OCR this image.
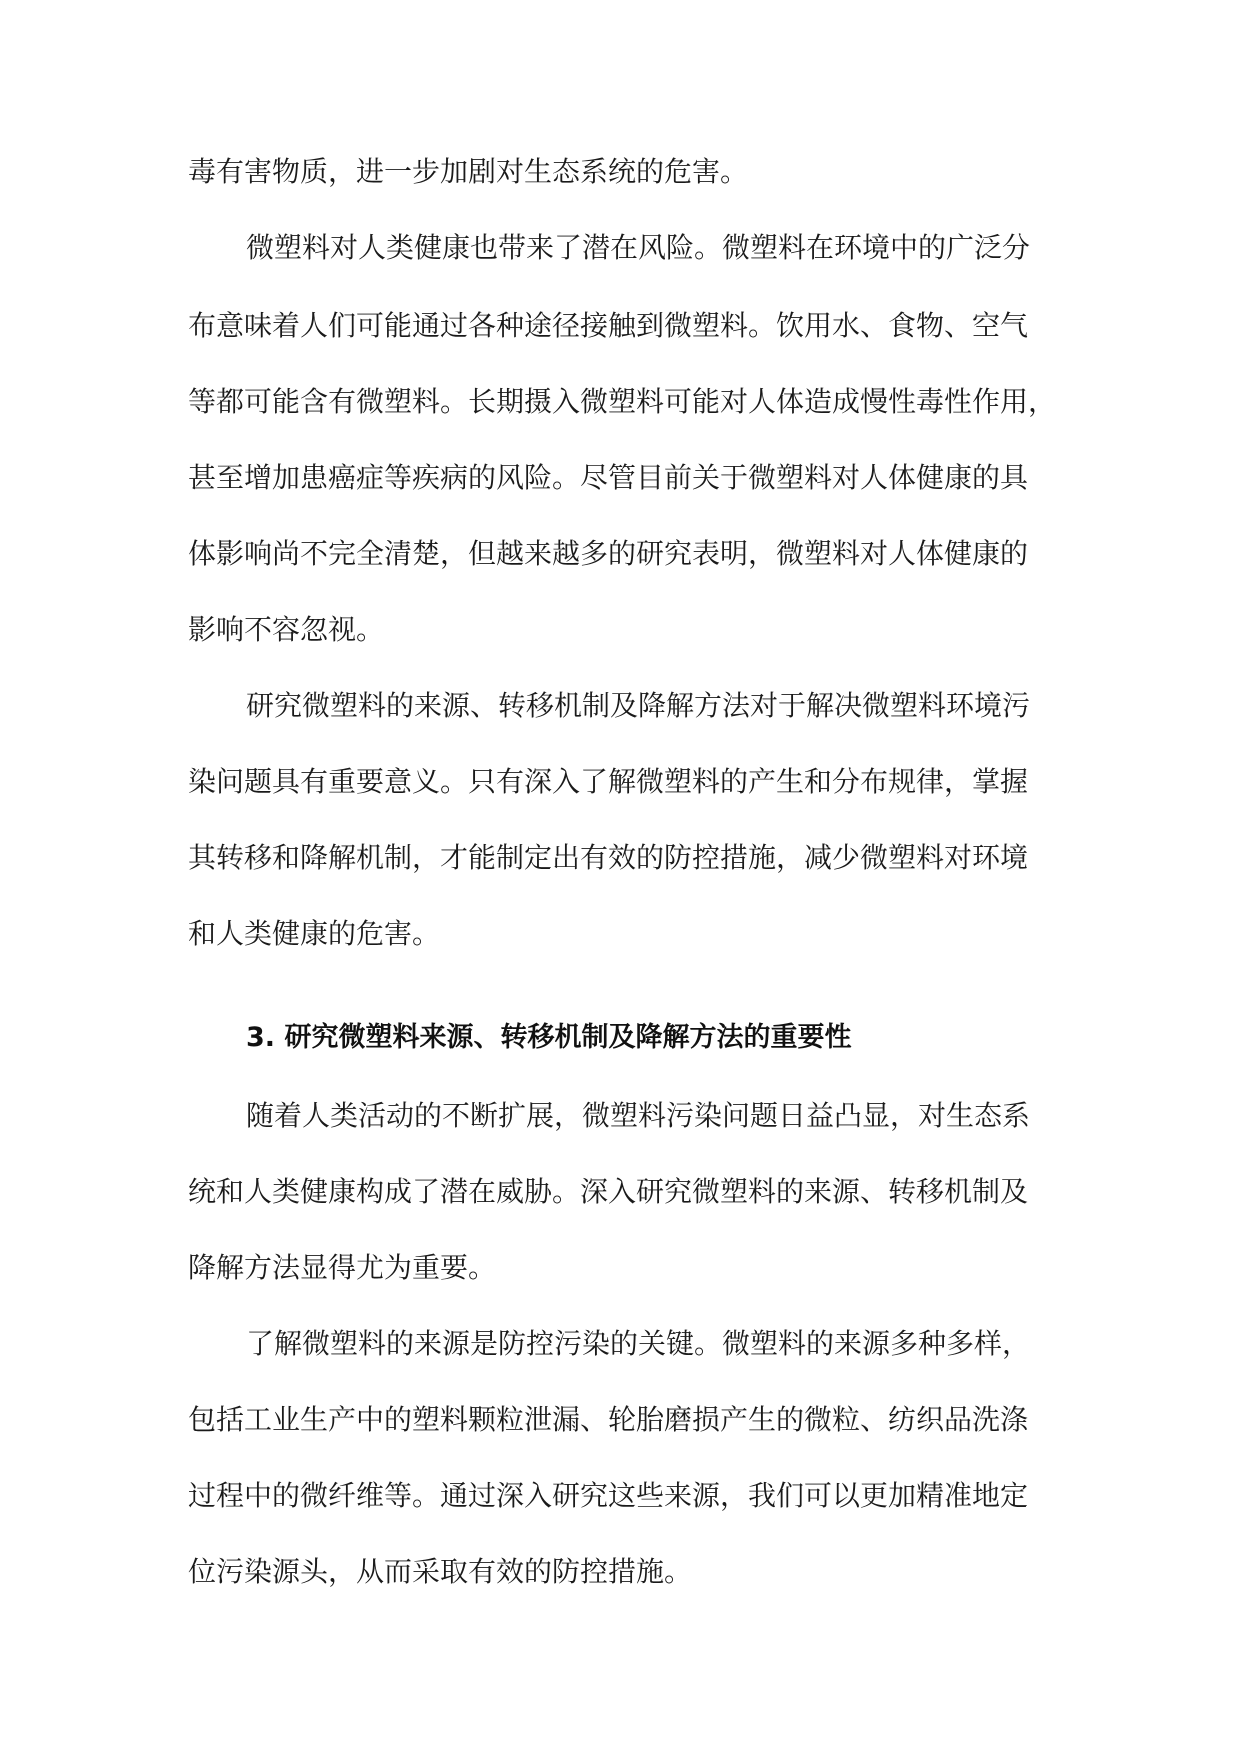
毒有害物质，进一步加剧对生态系统的危害。

微塑料对人类健康也带来了潜在风险。微塑料在环境中的广泛分

布意味着人们可能通过各种途径接触到微塑料。饮用水、食物、空气

等都可能含有微塑料。长期摄入微塑料可能对人体造成慢性毒性作用，

甚至增加患癌症等疾病的风险。尽管目前关于微塑料对人体健康的具

体影响尚不完全清楚，但越来越多的研究表明，微塑料对人体健康的

影响不容忽视。

研究微塑料的来源、转移机制及降解方法对于解决微塑料环境污

染问题具有重要意义。只有深入了解微塑料的产生和分布规律，掌握

其转移和降解机制，才能制定出有效的防控措施，减少微塑料对环境

和人类健康的危害。

3. 研究微塑料来源、转移机制及降解方法的重要性

随着人类活动的不断扩展，微塑料污染问题日益凸显，对生态系

统和人类健康构成了潜在威胁。深入研究微塑料的来源、转移机制及

降解方法显得尤为重要。

了解微塑料的来源是防控污染的关键。微塑料的来源多种多样，

包括工业生产中的塑料颗粒泄漏、轮胎磨损产生的微粒、纺织品洗涤

过程中的微纤维等。通过深入研究这些来源，我们可以更加精准地定

位污染源头，从而采取有效的防控措施。
